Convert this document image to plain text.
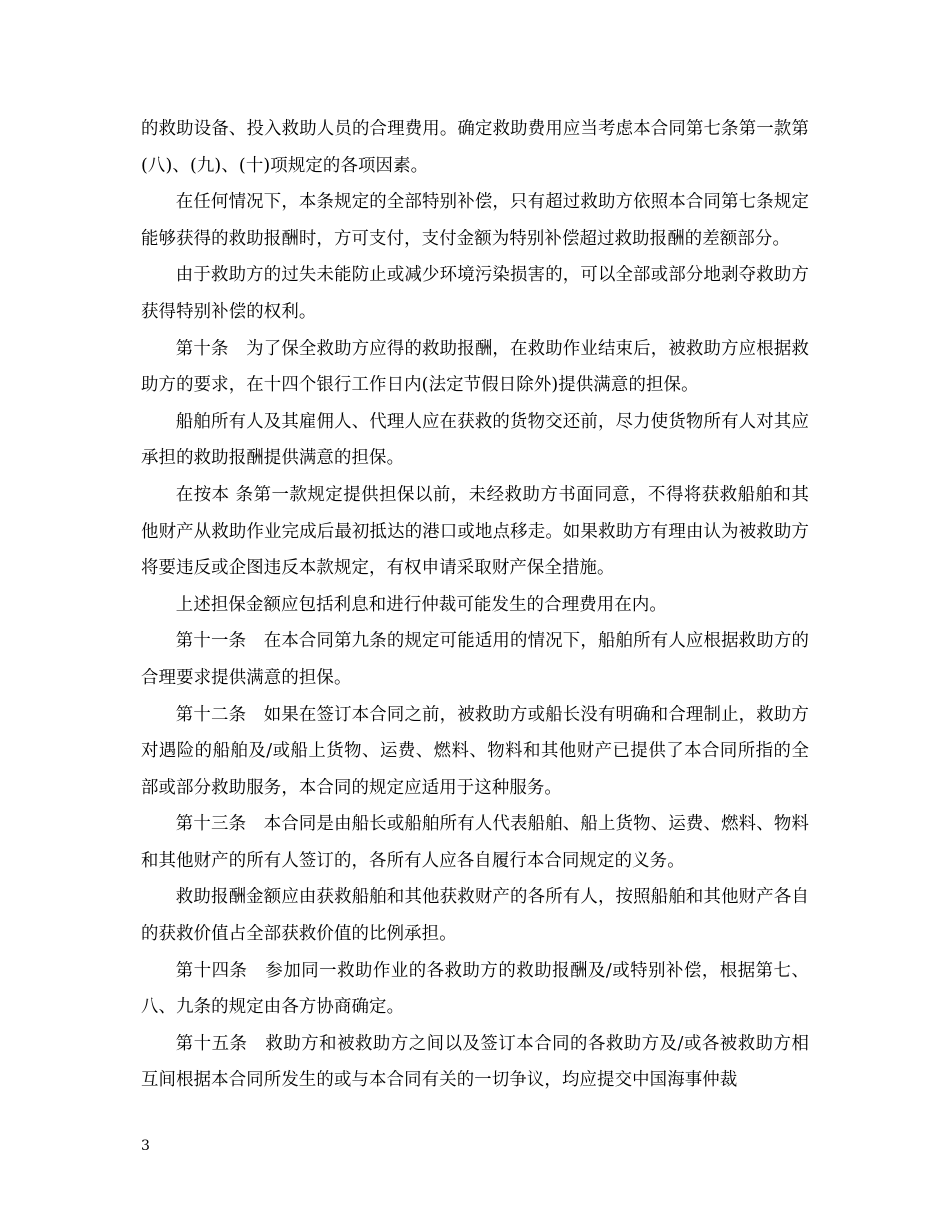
的救助设备、投入救助人员的合理费用。确定救助费用应当考虑本合同第七条第一款第(八)、(九)、(十)项规定的各项因素。

在任何情况下，本条规定的全部特别补偿，只有超过救助方依照本合同第七条规定能够获得的救助报酬时，方可支付，支付金额为特别补偿超过救助报酬的差额部分。

由于救助方的过失未能防止或减少环境污染损害的，可以全部或部分地剥夺救助方获得特别补偿的权利。

第十条　为了保全救助方应得的救助报酬，在救助作业结束后，被救助方应根据救助方的要求，在十四个银行工作日内(法定节假日除外)提供满意的担保。

船舶所有人及其雇佣人、代理人应在获救的货物交还前，尽力使货物所有人对其应承担的救助报酬提供满意的担保。

在按本 条第一款规定提供担保以前，未经救助方书面同意，不得将获救船舶和其他财产从救助作业完成后最初抵达的港口或地点移走。如果救助方有理由认为被救助方将要违反或企图违反本款规定，有权申请采取财产保全措施。

上述担保金额应包括利息和进行仲裁可能发生的合理费用在内。

第十一条　在本合同第九条的规定可能适用的情况下，船舶所有人应根据救助方的合理要求提供满意的担保。

第十二条　如果在签订本合同之前，被救助方或船长没有明确和合理制止，救助方对遇险的船舶及/或船上货物、运费、燃料、物料和其他财产已提供了本合同所指的全部或部分救助服务，本合同的规定应适用于这种服务。

第十三条　本合同是由船长或船舶所有人代表船舶、船上货物、运费、燃料、物料和其他财产的所有人签订的，各所有人应各自履行本合同规定的义务。

救助报酬金额应由获救船舶和其他获救财产的各所有人，按照船舶和其他财产各自的获救价值占全部获救价值的比例承担。

第十四条　参加同一救助作业的各救助方的救助报酬及/或特别补偿，根据第七、八、九条的规定由各方协商确定。

第十五条　救助方和被救助方之间以及签订本合同的各救助方及/或各被救助方相互间根据本合同所发生的或与本合同有关的一切争议，均应提交中国海事仲裁

3
